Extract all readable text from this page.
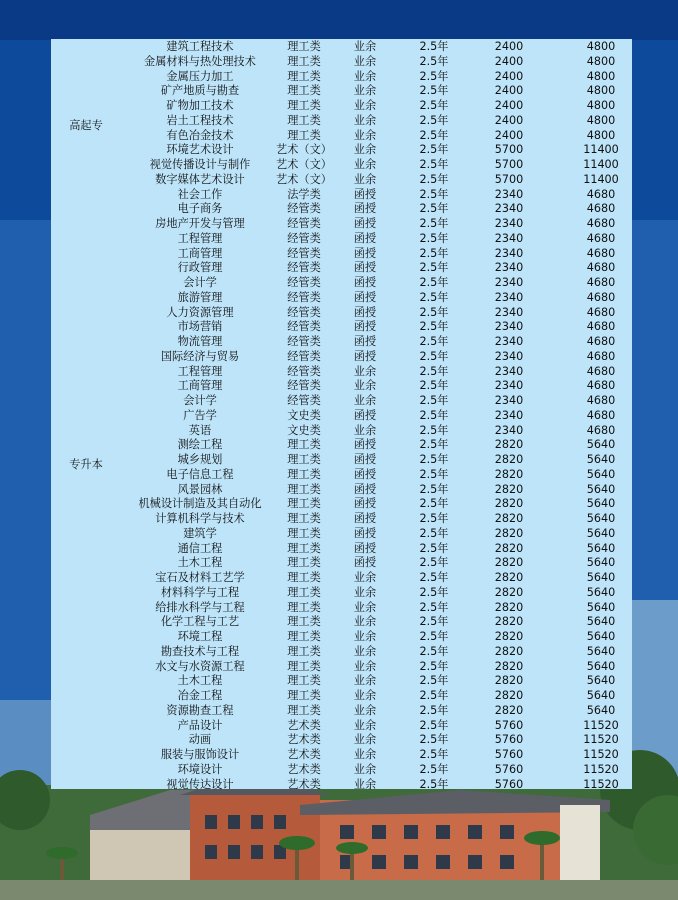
高起专
专升本
建筑工程技术	理工类	业余	2.5年	2400	4800
金属材料与热处理技术	理工类	业余	2.5年	2400	4800
金属压力加工	理工类	业余	2.5年	2400	4800
矿产地质与勘查	理工类	业余	2.5年	2400	4800
矿物加工技术	理工类	业余	2.5年	2400	4800
岩土工程技术	理工类	业余	2.5年	2400	4800
有色冶金技术	理工类	业余	2.5年	2400	4800
环境艺术设计	艺术（文）	业余	2.5年	5700	11400
视觉传播设计与制作	艺术（文）	业余	2.5年	5700	11400
数字媒体艺术设计	艺术（文）	业余	2.5年	5700	11400
社会工作	法学类	函授	2.5年	2340	4680
电子商务	经管类	函授	2.5年	2340	4680
房地产开发与管理	经管类	函授	2.5年	2340	4680
工程管理	经管类	函授	2.5年	2340	4680
工商管理	经管类	函授	2.5年	2340	4680
行政管理	经管类	函授	2.5年	2340	4680
会计学	经管类	函授	2.5年	2340	4680
旅游管理	经管类	函授	2.5年	2340	4680
人力资源管理	经管类	函授	2.5年	2340	4680
市场营销	经管类	函授	2.5年	2340	4680
物流管理	经管类	函授	2.5年	2340	4680
国际经济与贸易	经管类	函授	2.5年	2340	4680
工程管理	经管类	业余	2.5年	2340	4680
工商管理	经管类	业余	2.5年	2340	4680
会计学	经管类	业余	2.5年	2340	4680
广告学	文史类	函授	2.5年	2340	4680
英语	文史类	业余	2.5年	2340	4680
测绘工程	理工类	函授	2.5年	2820	5640
城乡规划	理工类	函授	2.5年	2820	5640
电子信息工程	理工类	函授	2.5年	2820	5640
风景园林	理工类	函授	2.5年	2820	5640
机械设计制造及其自动化	理工类	函授	2.5年	2820	5640
计算机科学与技术	理工类	函授	2.5年	2820	5640
建筑学	理工类	函授	2.5年	2820	5640
通信工程	理工类	函授	2.5年	2820	5640
土木工程	理工类	函授	2.5年	2820	5640
宝石及材料工艺学	理工类	业余	2.5年	2820	5640
材料科学与工程	理工类	业余	2.5年	2820	5640
给排水科学与工程	理工类	业余	2.5年	2820	5640
化学工程与工艺	理工类	业余	2.5年	2820	5640
环境工程	理工类	业余	2.5年	2820	5640
勘查技术与工程	理工类	业余	2.5年	2820	5640
水文与水资源工程	理工类	业余	2.5年	2820	5640
土木工程	理工类	业余	2.5年	2820	5640
冶金工程	理工类	业余	2.5年	2820	5640
资源勘查工程	理工类	业余	2.5年	2820	5640
产品设计	艺术类	业余	2.5年	5760	11520
动画	艺术类	业余	2.5年	5760	11520
服装与服饰设计	艺术类	业余	2.5年	5760	11520
环境设计	艺术类	业余	2.5年	5760	11520
视觉传达设计	艺术类	业余	2.5年	5760	11520
